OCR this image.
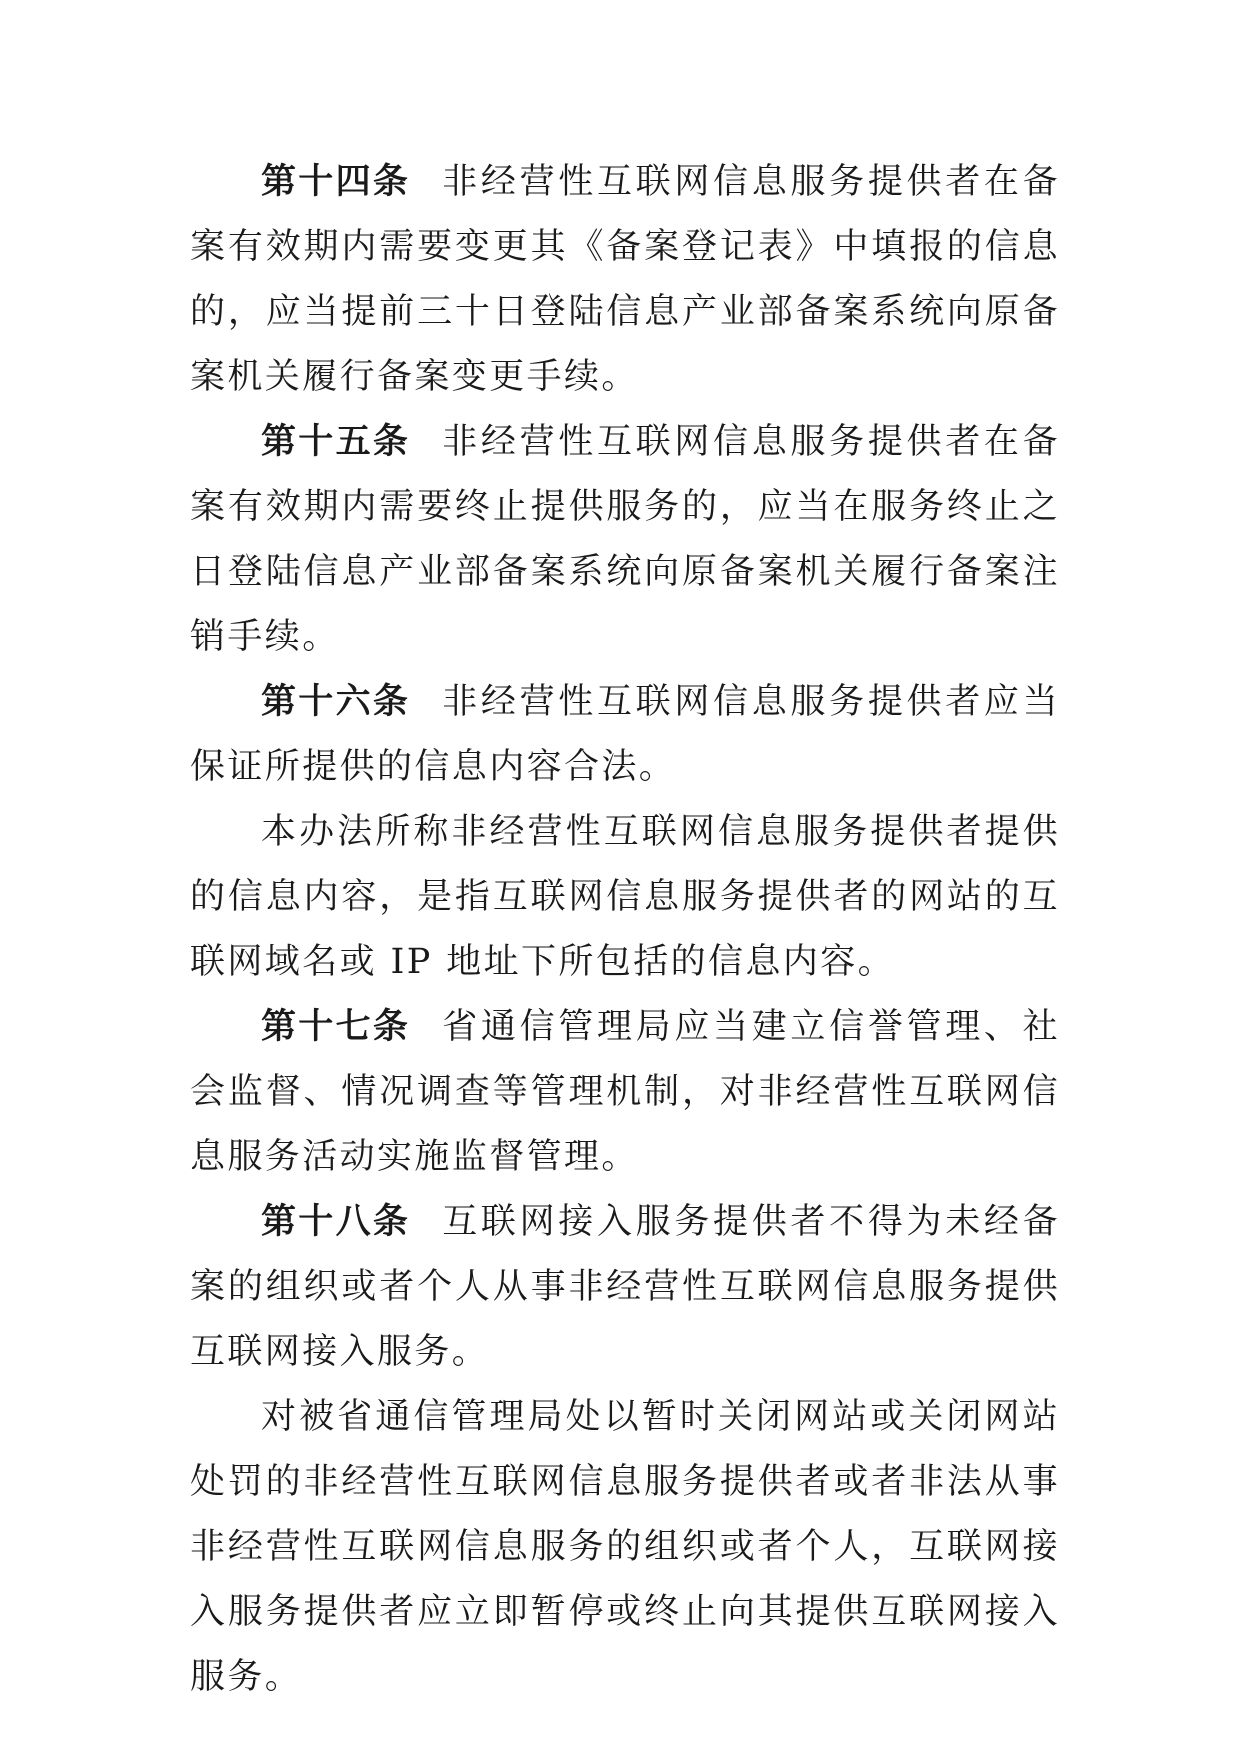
第十四条 非经营性互联网信息服务提供者在备案有效期内需要变更其《备案登记表》中填报的信息的，应当提前三十日登陆信息产业部备案系统向原备案机关履行备案变更手续。

第十五条 非经营性互联网信息服务提供者在备案有效期内需要终止提供服务的，应当在服务终止之日登陆信息产业部备案系统向原备案机关履行备案注销手续。

第十六条 非经营性互联网信息服务提供者应当保证所提供的信息内容合法。

本办法所称非经营性互联网信息服务提供者提供的信息内容，是指互联网信息服务提供者的网站的互联网域名或 IP 地址下所包括的信息内容。

第十七条 省通信管理局应当建立信誉管理、社会监督、情况调查等管理机制，对非经营性互联网信息服务活动实施监督管理。

第十八条 互联网接入服务提供者不得为未经备案的组织或者个人从事非经营性互联网信息服务提供互联网接入服务。

对被省通信管理局处以暂时关闭网站或关闭网站处罚的非经营性互联网信息服务提供者或者非法从事非经营性互联网信息服务的组织或者个人，互联网接入服务提供者应立即暂停或终止向其提供互联网接入服务。
